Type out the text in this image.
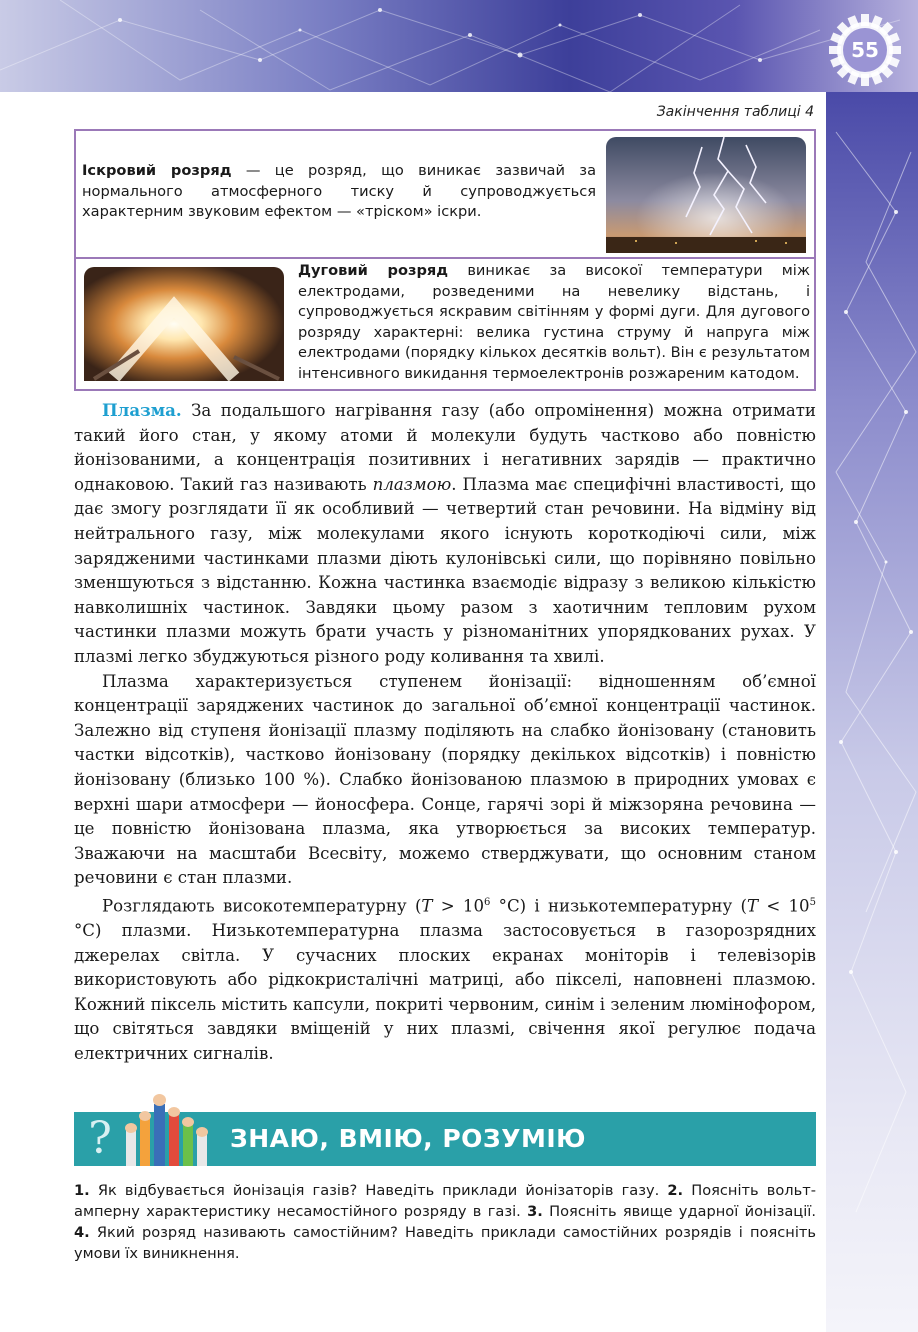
55
Закінчення таблиці 4
Іскровий розряд — це розряд, що виникає зазвичай за нормального атмосферного тиску й супроводжується характерним звуковим ефектом — «тріском» іскри.
Дуговий розряд виникає за високої температури між електродами, розведеними на невелику відстань, і супроводжується яскравим світінням у формі дуги. Для дугового розряду характерні: велика густина струму й напруга між електродами (порядку кількох десятків вольт). Він є результатом інтенсивного викидання термоелектронів розжареним катодом.

Плазма. За подальшого нагрівання газу (або опромінення) можна отримати такий його стан, у якому атоми й молекули будуть частково або повністю йонізованими, а концентрація позитивних і негативних зарядів — практично однаковою. Такий газ називають плазмою. Плазма має специфічні властивості, що дає змогу розглядати її як особливий — четвертий стан речовини. На відміну від нейтрального газу, між молекулами якого існують короткодіючі сили, між зарядженими частинками плазми діють кулонівські сили, що порівняно повільно зменшуються з відстанню. Кожна частинка взаємодіє відразу з великою кількістю навколишніх частинок. Завдяки цьому разом з хаотичним тепловим рухом частинки плазми можуть брати участь у різноманітних упорядкованих рухах. У плазмі легко збуджуються різного роду коливання та хвилі.

Плазма характеризується ступенем йонізації: відношенням об’ємної концентрації заряджених частинок до загальної об’ємної концентрації частинок. Залежно від ступеня йонізації плазму поділяють на слабко йонізовану (становить частки відсотків), частково йонізовану (порядку декількох відсотків) і повністю йонізовану (близько 100 %). Слабко йонізованою плазмою в природних умовах є верхні шари атмосфери — йоносфера. Сонце, гарячі зорі й міжзоряна речовина — це повністю йонізована плазма, яка утворюється за високих температур. Зважаючи на масштаби Всесвіту, можемо стверджувати, що основним станом речовини є стан плазми.

Розглядають високотемпературну ($T > 10^6$ °C) і низькотемпературну ($T < 10^5$ °C) плазми. Низькотемпературна плазма застосовується в газорозрядних джерелах світла. У сучасних плоских екранах моніторів і телевізорів використовують або рідкокристалічні матриці, або пікселі, наповнені плазмою. Кожний піксель містить капсули, покриті червоним, синім і зеленим люмінофором, що світяться завдяки вміщеній у них плазмі, свічення якої регулює подача електричних сигналів.

?	ЗНАЮ, ВМІЮ, РОЗУМІЮ
1. Як відбувається йонізація газів? Наведіть приклади йонізаторів газу. 2. Поясніть вольт-амперну характеристику несамостійного розряду в газі. 3. Поясніть явище ударної йонізації. 4. Який розряд називають самостійним? Наведіть приклади самостійних розрядів і поясніть умови їх виникнення.
